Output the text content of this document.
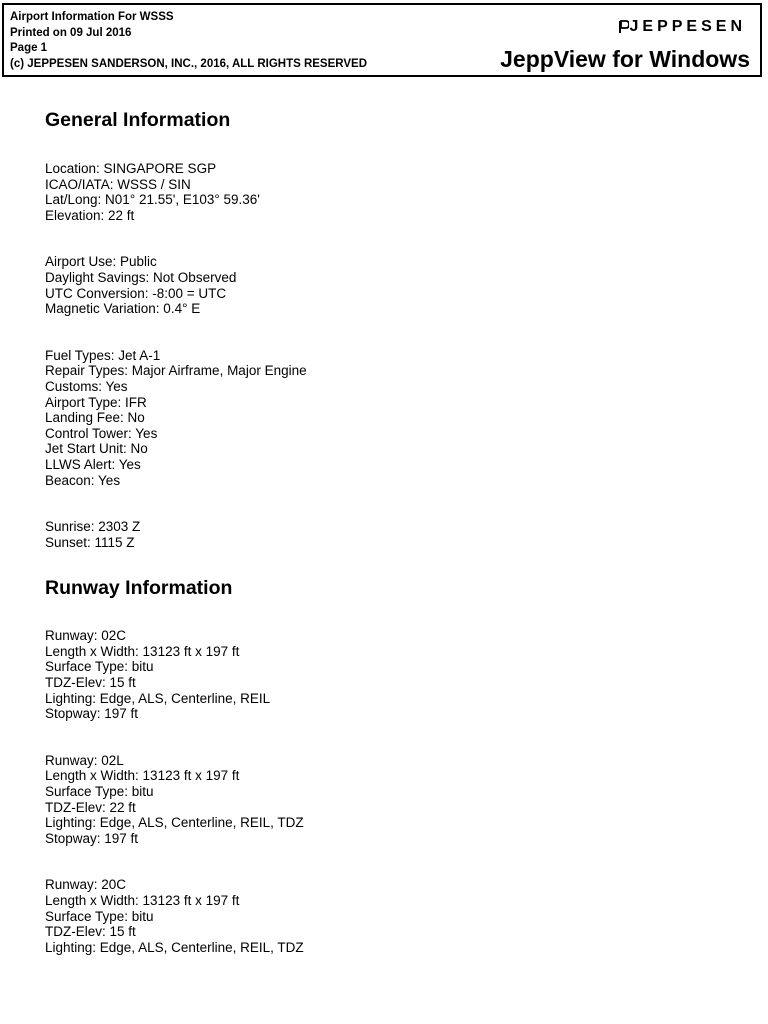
Airport Information For WSSS
Printed on 09 Jul 2016
Page 1
(c) JEPPESEN SANDERSON, INC., 2016, ALL RIGHTS RESERVED
JEPPESEN
JeppView for Windows
General Information
Location: SINGAPORE SGP
ICAO/IATA: WSSS / SIN
Lat/Long: N01° 21.55', E103° 59.36'
Elevation: 22 ft
Airport Use: Public
Daylight Savings: Not Observed
UTC Conversion: -8:00 = UTC
Magnetic Variation: 0.4° E
Fuel Types: Jet A-1
Repair Types: Major Airframe, Major Engine
Customs: Yes
Airport Type: IFR
Landing Fee: No
Control Tower: Yes
Jet Start Unit: No
LLWS Alert: Yes
Beacon: Yes
Sunrise: 2303 Z
Sunset: 1115 Z
Runway Information
Runway: 02C
Length x Width: 13123 ft x 197 ft
Surface Type: bitu
TDZ-Elev: 15 ft
Lighting: Edge, ALS, Centerline, REIL
Stopway: 197 ft
Runway: 02L
Length x Width: 13123 ft x 197 ft
Surface Type: bitu
TDZ-Elev: 22 ft
Lighting: Edge, ALS, Centerline, REIL, TDZ
Stopway: 197 ft
Runway: 20C
Length x Width: 13123 ft x 197 ft
Surface Type: bitu
TDZ-Elev: 15 ft
Lighting: Edge, ALS, Centerline, REIL, TDZ
